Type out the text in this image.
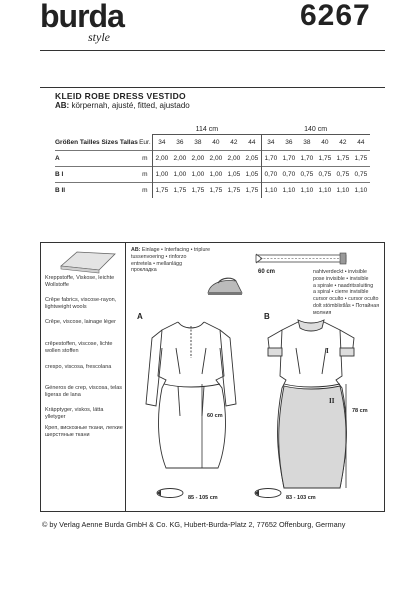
burda
style
6267
KLEID ROBE DRESS VESTIDO
AB: körpernah, ajusté, fitted, ajustado
		114 cm						140 cm					
Größen Tailles Sizes Tallas	Eur.	34	36	38	40	42	44	34	36	38	40	42	44
A	m	2,00	2,00	2,00	2,00	2,00	2,05	1,70	1,70	1,70	1,75	1,75	1,75
B I	m	1,00	1,00	1,00	1,00	1,05	1,05	0,70	0,70	0,75	0,75	0,75	0,75
B II	m	1,75	1,75	1,75	1,75	1,75	1,75	1,10	1,10	1,10	1,10	1,10	1,10
Kreppstoffe, Viskose, leichte Wollstoffe
Crêpe fabrics, viscose-rayon, lightweight wools
Crêpe, viscose, lainage léger
crêpestoffen, viscose, lichte wollen stoffen
crespo, viscosa, frescolana
Géneros de crep, viscosa, telas ligeras de lana
Kräpptyger, viskos, lätta ylletyger
Креп, вискозные ткани, легкие шерстяные ткани
AB: Einlage • Interfacing • triplure
tussenvoering • rinforzo
entretela • mellanlägg
прокладка	60 cm	nahtverdeckt • invisible
pose invisible • invisible
a spirale • naadritssluiting
a spiral • cierre invisible
cursor oculto • cursor oculto
dolt stömblixtlås • Потайная
молния
A	B
60 cm
I
II
78 cm
85 - 105 cm	83 - 103 cm
© by Verlag Aenne Burda GmbH & Co. KG, Hubert-Burda-Platz 2, 77652 Offenburg, Germany
